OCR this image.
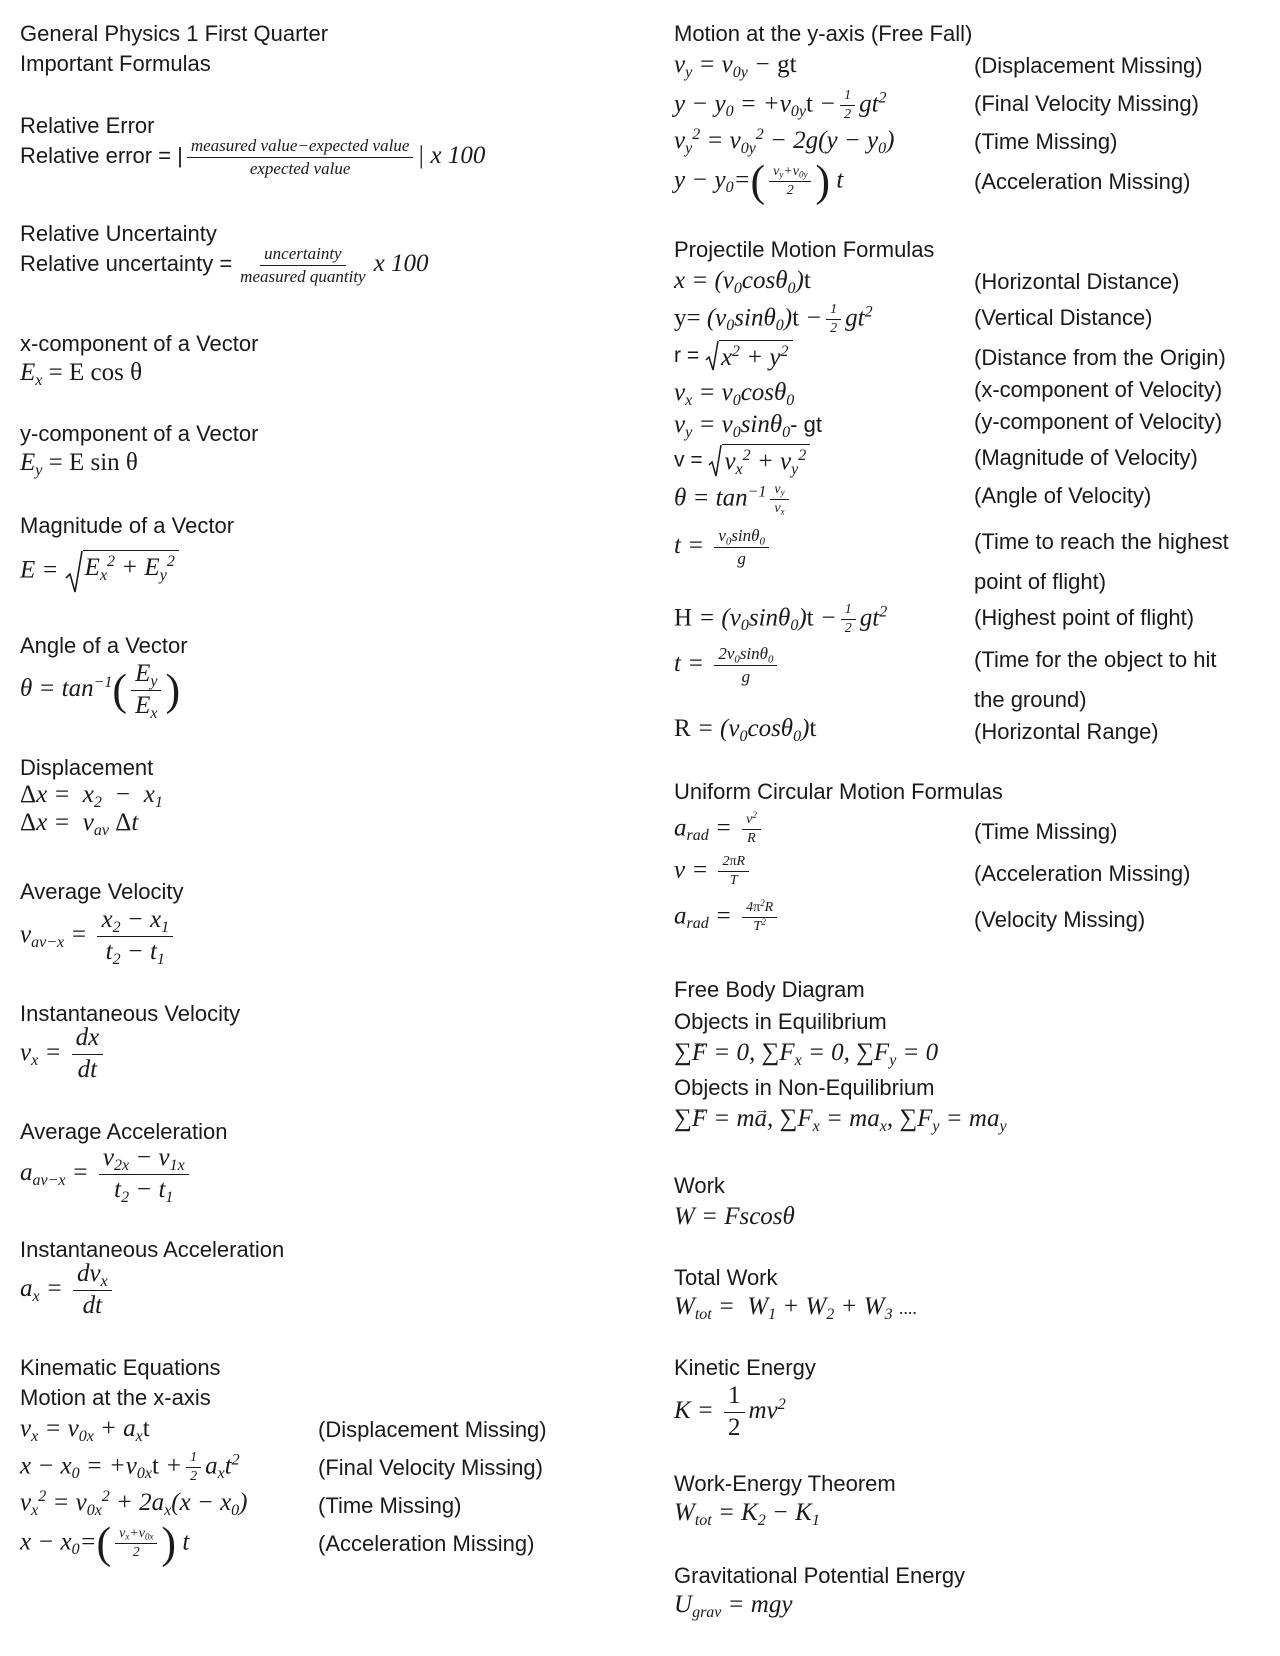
General Physics 1 First Quarter
Important Formulas
Relative Error
Relative error = | $\frac{\text{measured value−expected value}}{\text{expected value}}$ | x 100
Relative Uncertainty
Relative uncertainty = $\frac{\text{uncertainty}}{\text{measured quantity}}$ x 100
x-component of a Vector
$E_x = E$ cos θ
y-component of a Vector
$E_y = E$ sin θ
Magnitude of a Vector
$E = E_x^2 + E_y^2$
Angle of a Vector
$\theta = \tan^{-1}( \frac{E_y}{E_x}$ )
Displacement
$\Delta x = x_2 - x_1$
$\Delta x = v_{av}$ Δt
Average Velocity
$v_{av-x} = \frac{x_2 - x_1}{t_2 - t_1}$
Instantaneous Velocity
$v_x = \frac{dx}{dt}$
Average Acceleration
$a_{av-x} = \frac{v_{2x} - v_{1x}}{t_2 - t_1}$
Instantaneous Acceleration
$a_x = \frac{dv_x}{dt}$
Kinematic Equations
Motion at the x-axis
$v_x = v_{0x} + a_xt$
$x - x_0 = +v_{0x}t + \frac{1}{2} a_xt^2$
$v_x^2 = v_{0x}^2 + 2a_x(x - x_0)$
$x - x_0=( \frac{v_x+v_{0x}}{2}$ ) t
(Displacement Missing)
(Final Velocity Missing)
(Time Missing)
(Acceleration Missing)
Motion at the y-axis (Free Fall)
$v_y = v_{0y}$ − gt
$y - y_0 = +v_{0y}t - \frac{1}{2} gt^2$
$v_y^2 = v_{0y}^2 - 2g(y - y_0)$
$y - y_0=( \frac{v_y+v_{0y}}{2}$ ) t
(Displacement Missing)
(Final Velocity Missing)
(Time Missing)
(Acceleration Missing)
Projectile Motion Formulas
$x = (v_0\cos\theta_0)t$
$y= (v_0\sin\theta_0)t - \frac{1}{2} gt^2$
$r = x^2 + y^2$
$v_x = v_0\cos\theta_0$
$v_y = v_0\sin\theta_0-$ gt
$v = v_x^2 + v_y^2$
$\theta = \tan^{-1} \frac{v_y}{v_x}$
$t = \frac{v_0\sin\theta_0}{g}$
$H = (v_0\sin\theta_0)t - \frac{1}{2} gt^2$
$t = \frac{2v_0\sin\theta_0}{g}$
$R = (v_0\cos\theta_0)t$
(Horizontal Distance)
(Vertical Distance)
(Distance from the Origin)
(x-component of Velocity)
(y-component of Velocity)
(Magnitude of Velocity)
(Angle of Velocity)
(Time to reach the highest
point of flight)
(Highest point of flight)
(Time for the object to hit
the ground)
(Horizontal Range)
Uniform Circular Motion Formulas
$a_{rad} = \frac{v^2}{R}$
$v = \frac{2\pi R}{T}$
$a_{rad} = \frac{4\pi^2R}{T^2}$
(Time Missing)
(Acceleration Missing)
(Velocity Missing)
Free Body Diagram
Objects in Equilibrium
∑→ F = 0, $\sum F_x = 0$, $\sum F_y = 0$
Objects in Non-Equilibrium
∑→ F = m→ a, $\sum F_x = ma_x$, $\sum F_y = ma_y$
Work
W = Fscosθ
Total Work
$W_{tot} = W_1 + W_2 + W_3$ ....
Kinetic Energy
$K = \frac{1}{2} mv^2$
Work-Energy Theorem
$W_{tot} = K_2 - K_1$
Gravitational Potential Energy
$U_{grav}$ = mgy
